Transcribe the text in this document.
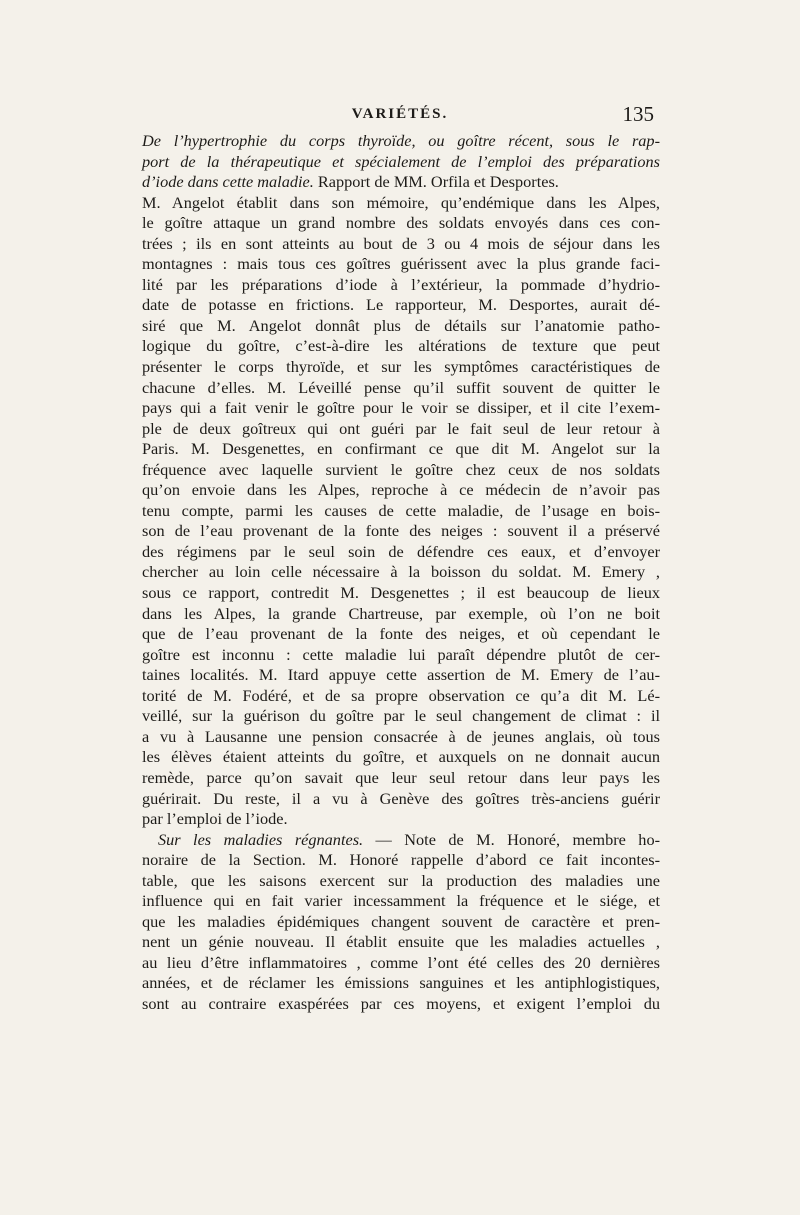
VARIÉTÉS.	135
De l’hypertrophie du corps thyroïde, ou goître récent, sous le rap-
port de la thérapeutique et spécialement de l’emploi des préparations
d’iode dans cette maladie. Rapport de MM. Orfila et Desportes.
M. Angelot établit dans son mémoire, qu’endémique dans les Alpes,
le goître attaque un grand nombre des soldats envoyés dans ces con-
trées ; ils en sont atteints au bout de 3 ou 4 mois de séjour dans les
montagnes : mais tous ces goîtres guérissent avec la plus grande faci-
lité par les préparations d’iode à l’extérieur, la pommade d’hydrio-
date de potasse en frictions. Le rapporteur, M. Desportes, aurait dé-
siré que M. Angelot donnât plus de détails sur l’anatomie patho-
logique du goître, c’est-à-dire les altérations de texture que peut
présenter le corps thyroïde, et sur les symptômes caractéristiques de
chacune d’elles. M. Léveillé pense qu’il suffit souvent de quitter le
pays qui a fait venir le goître pour le voir se dissiper, et il cite l’exem-
ple de deux goîtreux qui ont guéri par le fait seul de leur retour à
Paris. M. Desgenettes, en confirmant ce que dit M. Angelot sur la
fréquence avec laquelle survient le goître chez ceux de nos soldats
qu’on envoie dans les Alpes, reproche à ce médecin de n’avoir pas
tenu compte, parmi les causes de cette maladie, de l’usage en bois-
son de l’eau provenant de la fonte des neiges : souvent il a préservé
des régimens par le seul soin de défendre ces eaux, et d’envoyer
chercher au loin celle nécessaire à la boisson du soldat. M. Emery ,
sous ce rapport, contredit M. Desgenettes ; il est beaucoup de lieux
dans les Alpes, la grande Chartreuse, par exemple, où l’on ne boit
que de l’eau provenant de la fonte des neiges, et où cependant le
goître est inconnu : cette maladie lui paraît dépendre plutôt de cer-
taines localités. M. Itard appuye cette assertion de M. Emery de l’au-
torité de M. Fodéré, et de sa propre observation ce qu’a dit M. Lé-
veillé, sur la guérison du goître par le seul changement de climat : il
a vu à Lausanne une pension consacrée à de jeunes anglais, où tous
les élèves étaient atteints du goître, et auxquels on ne donnait aucun
remède, parce qu’on savait que leur seul retour dans leur pays les
guérirait. Du reste, il a vu à Genève des goîtres très-anciens guérir
par l’emploi de l’iode.
Sur les maladies régnantes. — Note de M. Honoré, membre ho-
noraire de la Section. M. Honoré rappelle d’abord ce fait incontes-
table, que les saisons exercent sur la production des maladies une
influence qui en fait varier incessamment la fréquence et le siége, et
que les maladies épidémiques changent souvent de caractère et pren-
nent un génie nouveau. Il établit ensuite que les maladies actuelles ,
au lieu d’être inflammatoires , comme l’ont été celles des 20 dernières
années, et de réclamer les émissions sanguines et les antiphlogistiques,
sont au contraire exaspérées par ces moyens, et exigent l’emploi du
